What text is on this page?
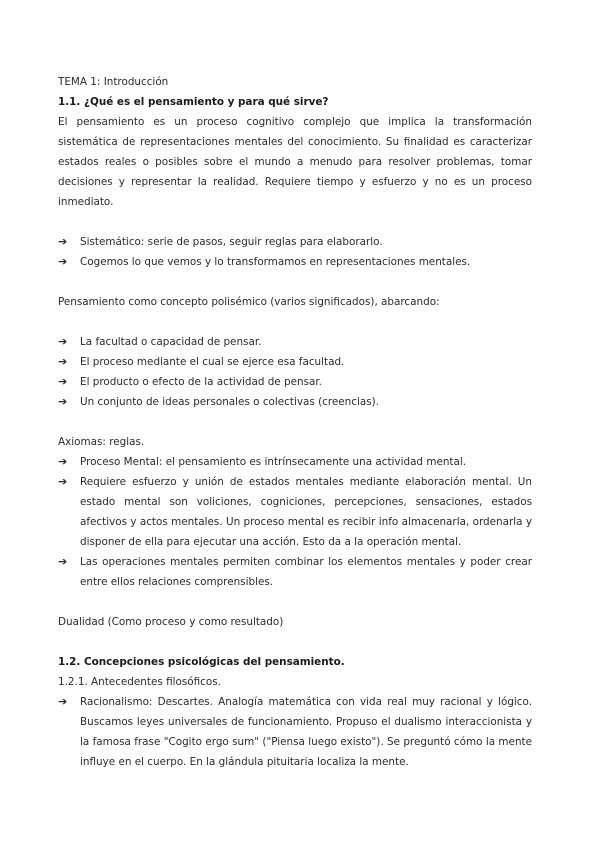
TEMA 1: Introducción

1.1. ¿Qué es el pensamiento y para qué sirve?

El pensamiento es un proceso cognitivo complejo que implica la transformación sistemática de representaciones mentales del conocimiento. Su finalidad es caracterizar estados reales o posibles sobre el mundo a menudo para resolver problemas, tomar decisiones y representar la realidad. Requiere tiempo y esfuerzo y no es un proceso inmediato.

➔ Sistemático: serie de pasos, seguir reglas para elaborarlo.
➔ Cogemos lo que vemos y lo transformamos en representaciones mentales.

Pensamiento como concepto polisémico (varios significados), abarcando:

➔ La facultad o capacidad de pensar.
➔ El proceso mediante el cual se ejerce esa facultad.
➔ El producto o efecto de la actividad de pensar.
➔ Un conjunto de ideas personales o colectivas (creencias).

Axiomas: reglas.

➔ Proceso Mental: el pensamiento es intrínsecamente una actividad mental.
➔ Requiere esfuerzo y unión de estados mentales mediante elaboración mental. Un estado mental son voliciones, cogniciones, percepciones, sensaciones, estados afectivos y actos mentales. Un proceso mental es recibir info almacenarla, ordenarla y disponer de ella para ejecutar una acción. Esto da a la operación mental.
➔ Las operaciones mentales permiten combinar los elementos mentales y poder crear entre ellos relaciones comprensibles.

Dualidad (Como proceso y como resultado)

1.2. Concepciones psicológicas del pensamiento.

1.2.1. Antecedentes filosóficos.

➔ Racionalismo: Descartes. Analogía matemática con vida real muy racional y lógico. Buscamos leyes universales de funcionamiento. Propuso el dualismo interaccionista y la famosa frase "Cogito ergo sum" ("Piensa luego existo"). Se preguntó cómo la mente influye en el cuerpo. En la glándula pituitaria localiza la mente.
